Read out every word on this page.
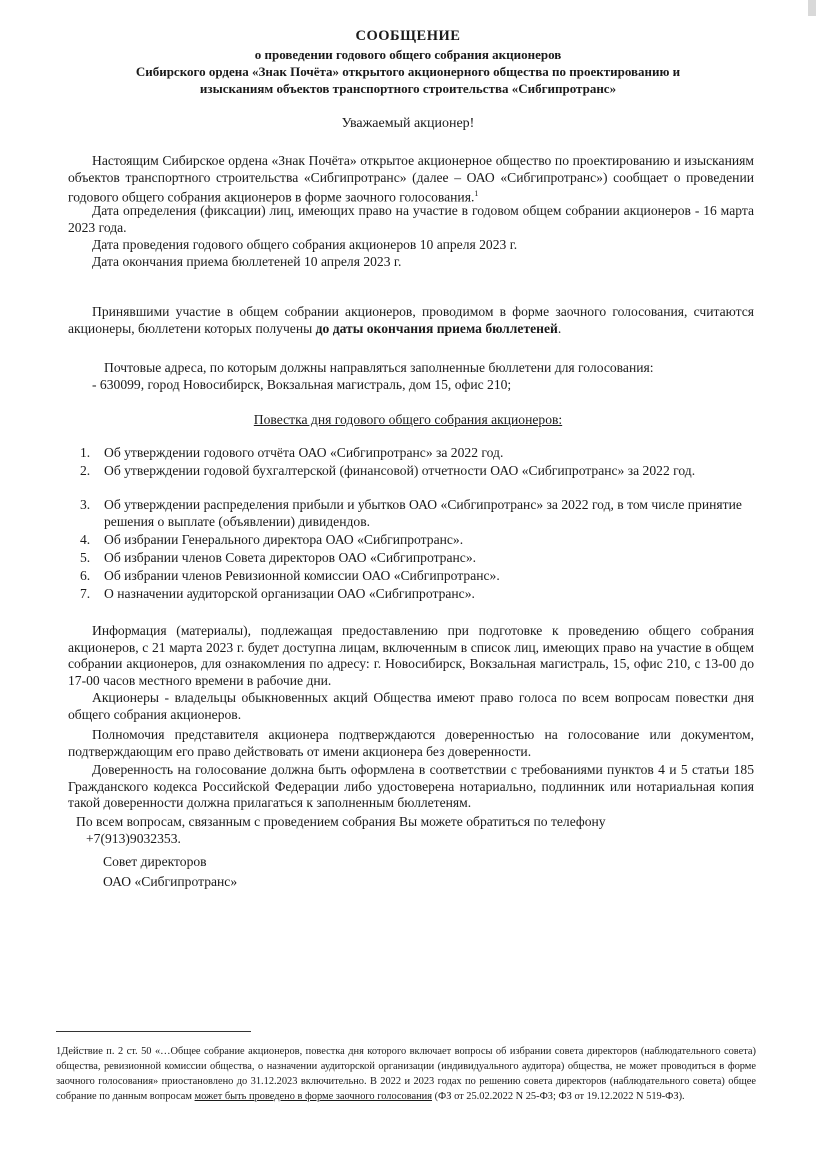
СООБЩЕНИЕ
о проведении годового общего собрания акционеров
Сибирского ордена «Знак Почёта» открытого акционерного общества по проектированию и
изысканиям объектов транспортного строительства «Сибгипротранс»
Уважаемый акционер!
Настоящим Сибирское ордена «Знак Почёта» открытое акционерное общество по проектированию и изысканиям объектов транспортного строительства «Сибгипротранс» (далее – ОАО «Сибгипротранс») сообщает о проведении годового общего собрания акционеров в форме заочного голосования.$^1$
Дата определения (фиксации) лиц, имеющих право на участие в годовом общем собрании акционеров - 16 марта 2023 года.
Дата проведения годового общего собрания акционеров 10 апреля 2023 г.
Дата окончания приема бюллетеней 10 апреля 2023 г.
Принявшими участие в общем собрании акционеров, проводимом в форме заочного голосования, считаются акционеры, бюллетени которых получены до даты окончания приема бюллетеней.
Почтовые адреса, по которым должны направляться заполненные бюллетени для голосования:
- 630099, город Новосибирск, Вокзальная магистраль, дом 15, офис 210;
Повестка дня годового общего собрания акционеров:
1. Об утверждении годового отчёта ОАО «Сибгипротранс» за 2022 год.
2. Об утверждении годовой бухгалтерской (финансовой) отчетности ОАО «Сибгипротранс» за 2022 год.
3. Об утверждении распределения прибыли и убытков ОАО «Сибгипротранс» за 2022 год, в том числе принятие решения о выплате (объявлении) дивидендов.
4. Об избрании Генерального директора ОАО «Сибгипротранс».
5. Об избрании членов Совета директоров ОАО «Сибгипротранс».
6. Об избрании членов Ревизионной комиссии ОАО «Сибгипротранс».
7. О назначении аудиторской организации ОАО «Сибгипротранс».
Информация (материалы), подлежащая предоставлению при подготовке к проведению общего собрания акционеров, с 21 марта 2023 г. будет доступна лицам, включенным в список лиц, имеющих право на участие в общем собрании акционеров, для ознакомления по адресу: г. Новосибирск, Вокзальная магистраль, 15, офис 210, с 13-00 до 17-00 часов местного времени в рабочие дни.
Акционеры - владельцы обыкновенных акций Общества имеют право голоса по всем вопросам повестки дня общего собрания акционеров.
Полномочия представителя акционера подтверждаются доверенностью на голосование или документом, подтверждающим его право действовать от имени акционера без доверенности.
Доверенность на голосование должна быть оформлена в соответствии с требованиями пунктов 4 и 5 статьи 185 Гражданского кодекса Российской Федерации либо удостоверена нотариально, подлинник или нотариальная копия такой доверенности должна прилагаться к заполненным бюллетеням.
По всем вопросам, связанным с проведением собрания Вы можете обратиться по телефону
+7(913)9032353.
Совет директоров
ОАО «Сибгипротранс»
1Действие п. 2 ст. 50 «…Общее собрание акционеров, повестка дня которого включает вопросы об избрании совета директоров (наблюдательного совета) общества, ревизионной комиссии общества, о назначении аудиторской организации (индивидуального аудитора) общества, не может проводиться в форме заочного голосования» приостановлено до 31.12.2023 включительно. В 2022 и 2023 годах по решению совета директоров (наблюдательного совета) общее собрание по данным вопросам может быть проведено в форме заочного голосования (ФЗ от 25.02.2022 N 25-ФЗ; ФЗ от 19.12.2022 N 519-ФЗ).
